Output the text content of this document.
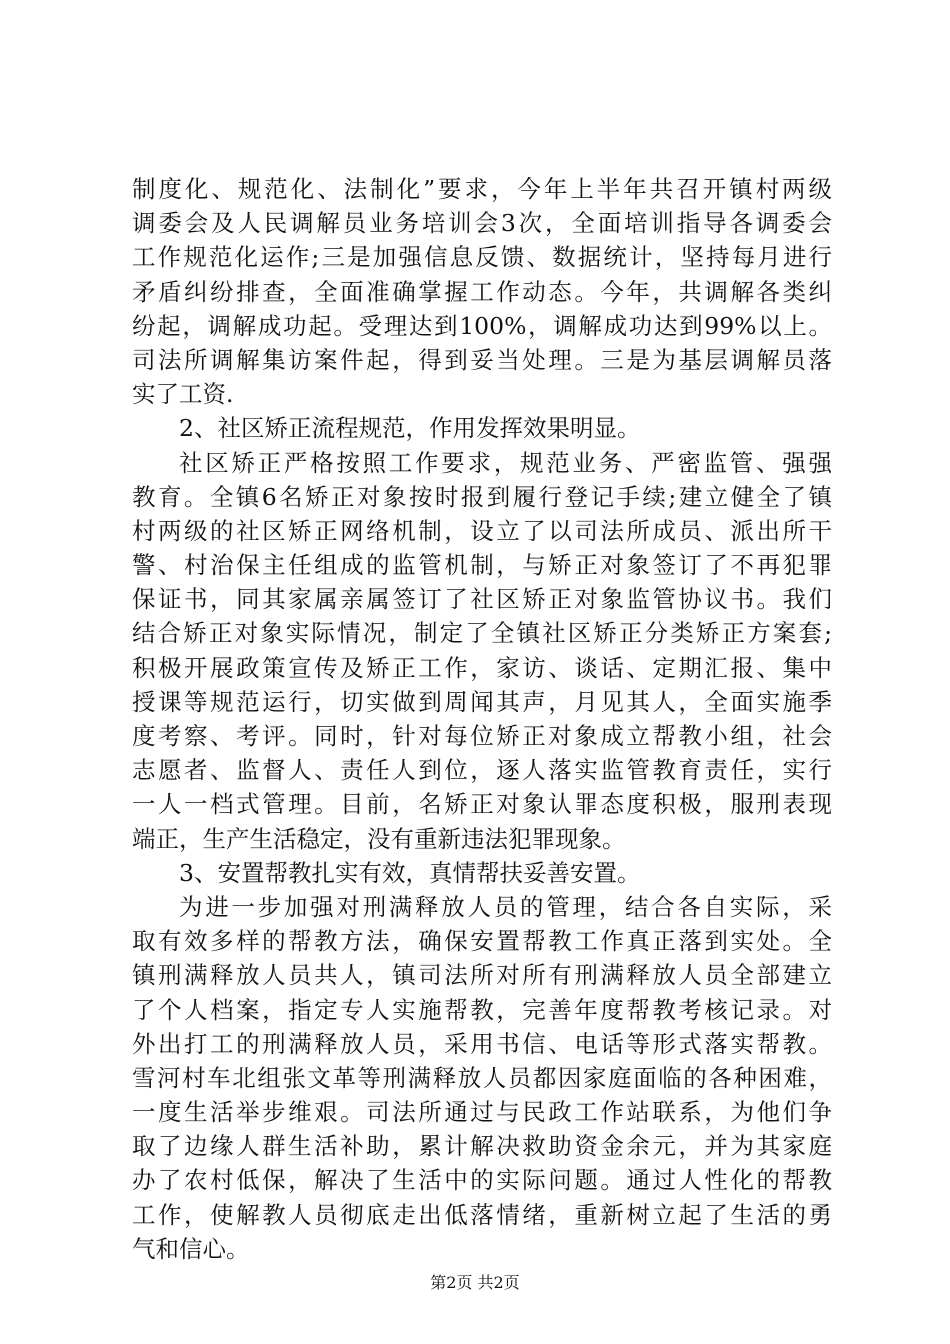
制度化、规范化、法制化”要求，今年上半年共召开镇村两级
调委会及人民调解员业务培训会3次，全面培训指导各调委会
工作规范化运作;三是加强信息反馈、数据统计，坚持每月进行
矛盾纠纷排查，全面准确掌握工作动态。今年，共调解各类纠
纷起，调解成功起。受理达到100%，调解成功达到99%以上。
司法所调解集访案件起，得到妥当处理。三是为基层调解员落
实了工资.
2、社区矫正流程规范，作用发挥效果明显。
社区矫正严格按照工作要求，规范业务、严密监管、强强
教育。全镇6名矫正对象按时报到履行登记手续;建立健全了镇
村两级的社区矫正网络机制，设立了以司法所成员、派出所干
警、村治保主任组成的监管机制，与矫正对象签订了不再犯罪
保证书，同其家属亲属签订了社区矫正对象监管协议书。我们
结合矫正对象实际情况，制定了全镇社区矫正分类矫正方案套;
积极开展政策宣传及矫正工作，家访、谈话、定期汇报、集中
授课等规范运行，切实做到周闻其声，月见其人，全面实施季
度考察、考评。同时，针对每位矫正对象成立帮教小组，社会
志愿者、监督人、责任人到位，逐人落实监管教育责任，实行
一人一档式管理。目前，名矫正对象认罪态度积极，服刑表现
端正，生产生活稳定，没有重新违法犯罪现象。
3、安置帮教扎实有效，真情帮扶妥善安置。
为进一步加强对刑满释放人员的管理，结合各自实际，采
取有效多样的帮教方法，确保安置帮教工作真正落到实处。全
镇刑满释放人员共人，镇司法所对所有刑满释放人员全部建立
了个人档案，指定专人实施帮教，完善年度帮教考核记录。对
外出打工的刑满释放人员，采用书信、电话等形式落实帮教。
雪河村车北组张文革等刑满释放人员都因家庭面临的各种困难，
一度生活举步维艰。司法所通过与民政工作站联系，为他们争
取了边缘人群生活补助，累计解决救助资金余元，并为其家庭
办了农村低保，解决了生活中的实际问题。通过人性化的帮教
工作，使解教人员彻底走出低落情绪，重新树立起了生活的勇
气和信心。
第2页 共2页
